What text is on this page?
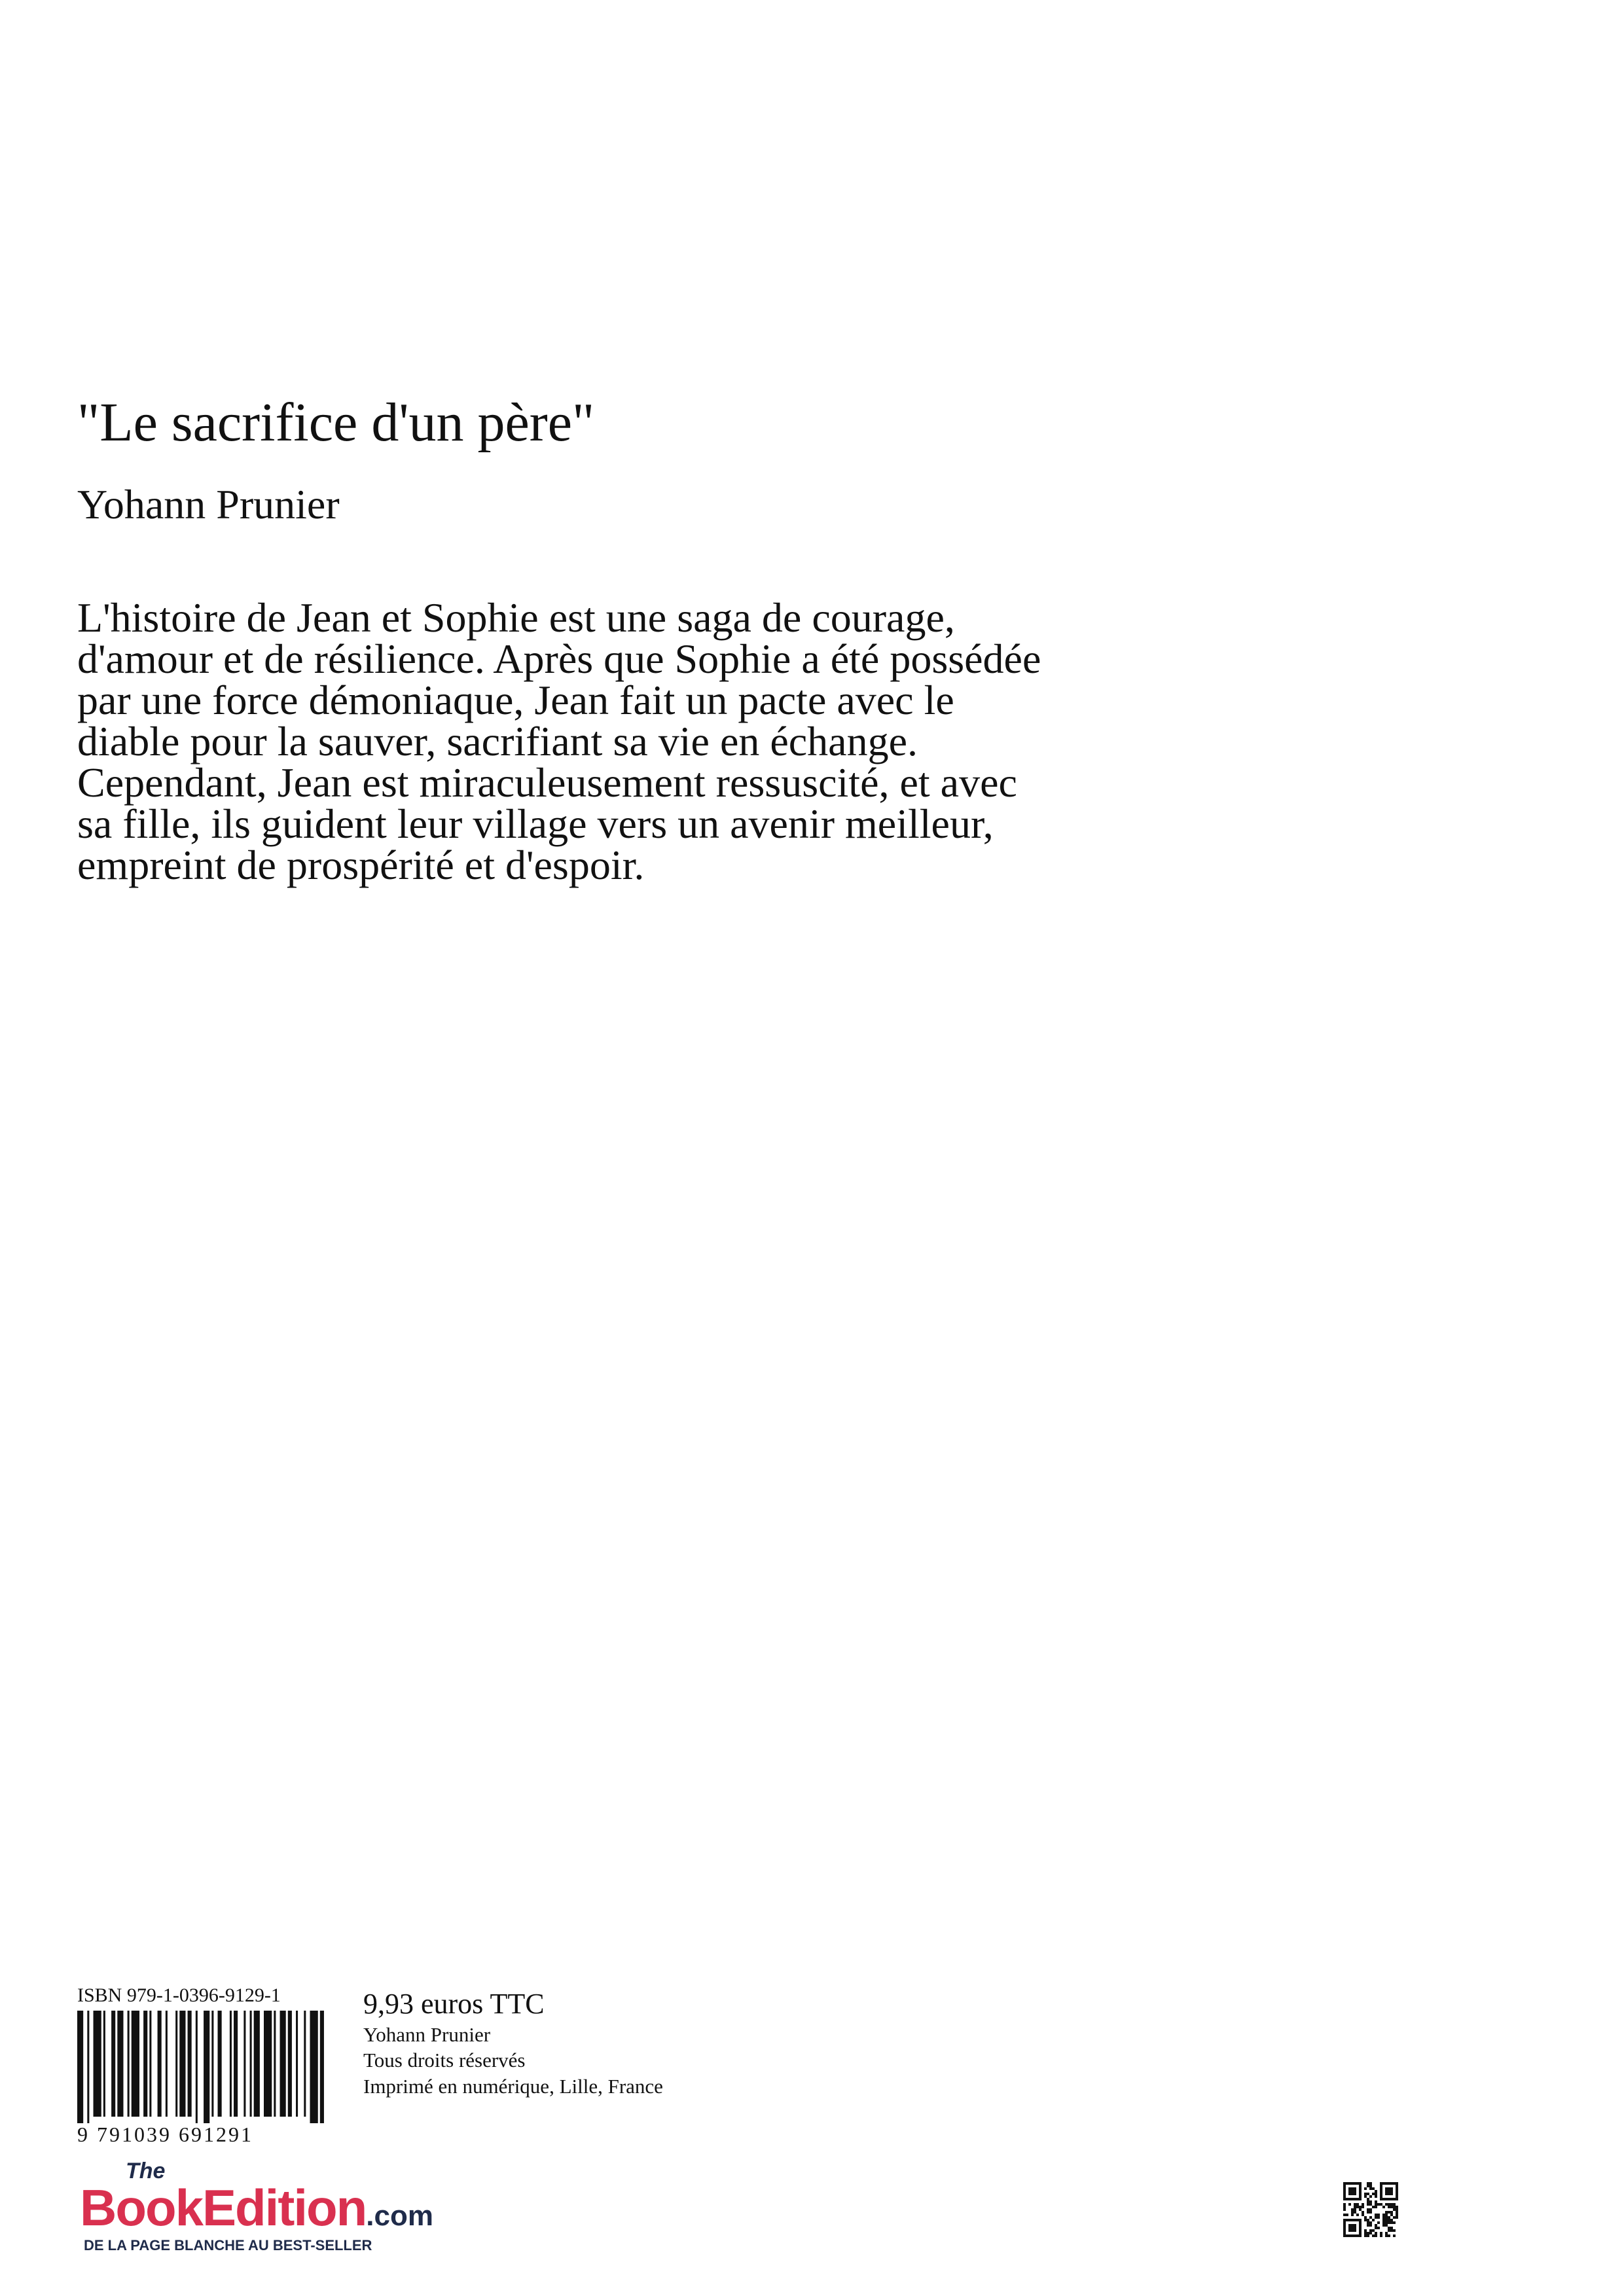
"Le sacrifice d'un père"
Yohann Prunier
L'histoire de Jean et Sophie est une saga de courage,
d'amour et de résilience. Après que Sophie a été possédée
par une force démoniaque, Jean fait un pacte avec le
diable pour la sauver, sacrifiant sa vie en échange.
Cependant, Jean est miraculeusement ressuscité, et avec
sa fille, ils guident leur village vers un avenir meilleur,
empreint de prospérité et d'espoir.
ISBN 979-1-0396-9129-1
9 791039 691291
9,93 euros TTC
Yohann Prunier
Tous droits réservés
Imprimé en numérique, Lille, France
The
BookEdition.com
DE LA PAGE BLANCHE AU BEST-SELLER
